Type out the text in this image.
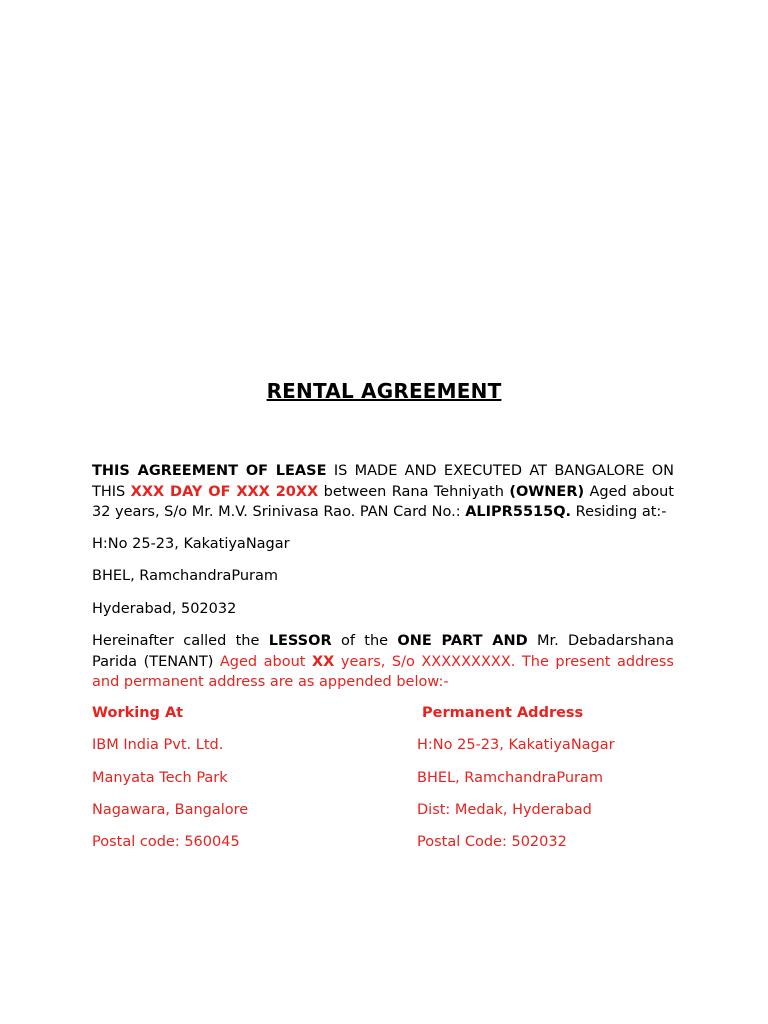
RENTAL AGREEMENT
THIS AGREEMENT OF LEASE IS MADE AND EXECUTED AT BANGALORE ON THIS XXX DAY OF XXX 20XX between Rana Tehniyath (OWNER) Aged about 32 years, S/o Mr. M.V. Srinivasa Rao. PAN Card No.: ALIPR5515Q. Residing at:-
H:No 25-23, KakatiyaNagar
BHEL, RamchandraPuram
Hyderabad, 502032
Hereinafter called the LESSOR of the ONE PART AND Mr. Debadarshana Parida (TENANT) Aged about XX years, S/o XXXXXXXXX. The present address and permanent address are as appended below:-
Working At	Permanent Address
IBM India Pvt. Ltd.
Manyata Tech Park
Nagawara, Bangalore
Postal code: 560045
H:No 25-23, KakatiyaNagar
BHEL, RamchandraPuram
Dist: Medak, Hyderabad
Postal Code: 502032
